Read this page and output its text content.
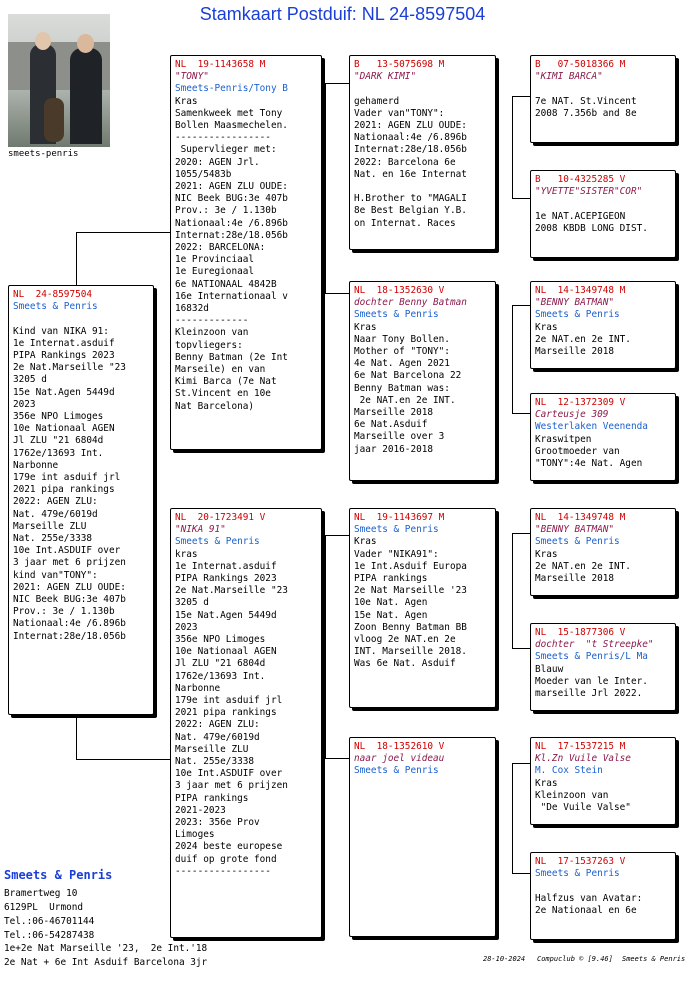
Stamkaart Postduif: NL 24-8597504
smeets-penris
NL  24-8597504
Smeets & Penris
Kind van NIKA 91:
1e Internat.asduif
PIPA Rankings 2023
2e Nat.Marseille "23
3205 d
15e Nat.Agen 5449d
2023
356e NPO Limoges
10e Nationaal AGEN
Jl ZLU "21 6804d
1762e/13693 Int.
Narbonne
179e int asduif jrl
2021 pipa rankings
2022: AGEN ZLU:
Nat. 479e/6019d
Marseille ZLU
Nat. 255e/3338
10e Int.ASDUIF over
3 jaar met 6 prijzen
kind van"TONY":
2021: AGEN ZLU OUDE:
NIC Beek BUG:3e 407b
Prov.: 3e / 1.130b
Nationaal:4e /6.896b
Internat:28e/18.056b
NL  19-1143658 M
"TONY"
Smeets-Penris/Tony B
Kras
Samenkweek met Tony
Bollen Maasmechelen.
-----------------
Supervlieger met:
2020: AGEN Jrl.
1055/5483b
2021: AGEN ZLU OUDE:
NIC Beek BUG:3e 407b
Prov.: 3e / 1.130b
Nationaal:4e /6.896b
Internat:28e/18.056b
2022: BARCELONA:
1e Provinciaal
1e Euregionaal
6e NATIONAAL 4842B
16e Internationaal v
16832d
-------------
Kleinzoon van
topvliegers:
Benny Batman (2e Int
Marseile) en van
Kimi Barca (7e Nat
St.Vincent en 10e
Nat Barcelona)
NL  20-1723491 V
"NIKA 91"
Smeets & Penris
kras
1e Internat.asduif
PIPA Rankings 2023
2e Nat.Marseille "23
3205 d
15e Nat.Agen 5449d
2023
356e NPO Limoges
10e Nationaal AGEN
Jl ZLU "21 6804d
1762e/13693 Int.
Narbonne
179e int asduif jrl
2021 pipa rankings
2022: AGEN ZLU:
Nat. 479e/6019d
Marseille ZLU
Nat. 255e/3338
10e Int.ASDUIF over
3 jaar met 6 prijzen
PIPA rankings
2021-2023
2023: 356e Prov
Limoges
2024 beste europese
duif op grote fond
-----------------
B   13-5075698 M
"DARK KIMI"
gehamerd
Vader van"TONY":
2021: AGEN ZLU OUDE:
Nationaal:4e /6.896b
Internat:28e/18.056b
2022: Barcelona 6e
Nat. en 16e Internat
H.Brother to "MAGALI
8e Best Belgian Y.B.
on Internat. Races
NL  18-1352630 V
dochter Benny Batman
Smeets & Penris
Kras
Naar Tony Bollen.
Mother of "TONY":
4e Nat. Agen 2021
6e Nat Barcelona 22
Benny Batman was:
2e NAT.en 2e INT.
Marseille 2018
6e Nat.Asduif
Marseille over 3
jaar 2016-2018
NL  19-1143697 M
Smeets & Penris
Kras
Vader "NIKA91":
1e Int.Asduif Europa
PIPA rankings
2e Nat Marseille '23
10e Nat. Agen
15e Nat. Agen
Zoon Benny Batman BB
vloog 2e NAT.en 2e
INT. Marseille 2018.
Was 6e Nat. Asduif
NL  18-1352610 V
naar joel videau
Smeets & Penris
B   07-5018366 M
"KIMI BARCA"
7e NAT. St.Vincent
2008 7.356b and 8e
B   10-4325285 V
"YVETTE"SISTER"COR"
1e NAT.ACEPIGEON
2008 KBDB LONG DIST.
NL  14-1349748 M
"BENNY BATMAN"
Smeets & Penris
Kras
2e NAT.en 2e INT.
Marseille 2018
NL  12-1372309 V
Carteusje 309
Westerlaken Veenenda
Kraswitpen
Grootmoeder van
"TONY":4e Nat. Agen
NL  14-1349748 M
"BENNY BATMAN"
Smeets & Penris
Kras
2e NAT.en 2e INT.
Marseille 2018
NL  15-1877306 V
dochter  "t Streepke"
Smeets & Penris/L Ma
Blauw
Moeder van le Inter.
marseille Jrl 2022.
NL  17-1537215 M
Kl.Zn Vuile Valse
M. Cox Stein
Kras
Kleinzoon van
"De Vuile Valse"
NL  17-1537263 V
Smeets & Penris
Halfzus van Avatar:
2e Nationaal en 6e
Smeets & Penris
Bramertweg 10
6129PL  Urmond
Tel.:06-46701144
Tel.:06-54287438
1e+2e Nat Marseille '23,  2e Int.'18
2e Nat + 6e Int Asduif Barcelona 3jr	28-10-2024 Compuclub © [9.46] Smeets & Penris
